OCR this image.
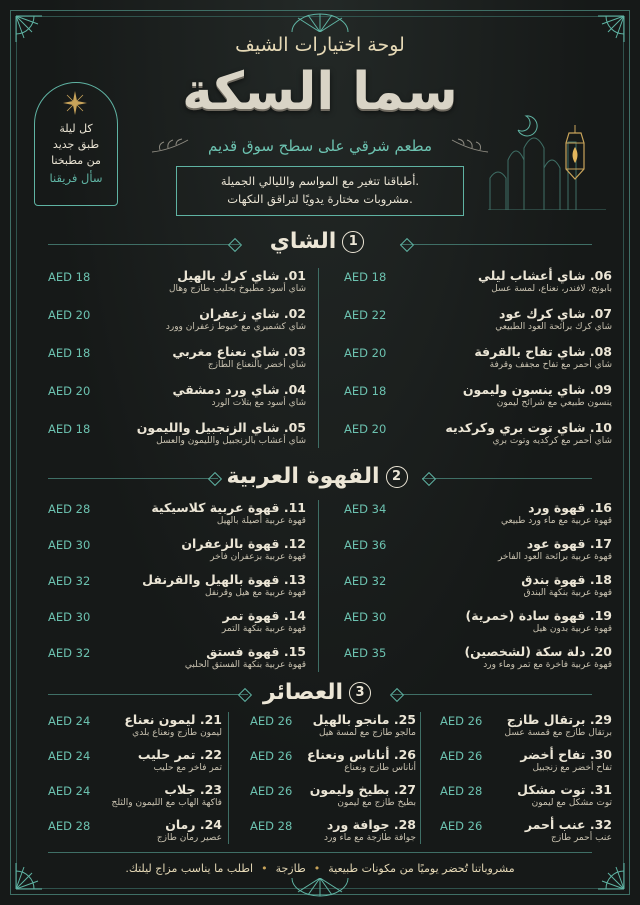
لوحة اختيارات الشيف
سما السكة
مطعم شرقي على سطح سوق قديم
كل ليلة
طبق جديد
من مطبخنا
سأل فريقنا	أطباقنا تتغير مع المواسم والليالي الجميلة.
مشروبات مختارة يدويًا لتراقق النكهات.
الشاي 1
القهوة العربية 2
العصائر 3
مشروباتنا تُحضر يوميًا من مكونات طبيعية•طازجة•اطلب ما يناسب مزاج ليلتك.
06. شاي أعشاب ليلي
بابونج، لافندر، نعناع، لمسة عسل
AED 18
07. شاي كرك عود
شاي كرك برائحة العود الطبيعي
AED 22
08. شاي تفاح بالقرفة
شاي أحمر مع تفاح مجفف وقرفة
AED 20
09. شاي ينسون وليمون
ينسون طبيعي مع شرائح ليمون
AED 18
10. شاي توت بري وكركديه
شاي أحمر مع كركديه وتوت بري
AED 20
01. شاي كرك بالهيل
شاي أسود مطبوخ بحليب طازج وهال
AED 18
02. شاي زعفران
شاي كشميري مع خيوط زعفران وورد
AED 20
03. شاي نعناع مغربي
شاي أخضر بالنعناع الطازج
AED 18
04. شاي ورد دمشقي
شاي أسود مع بتلات الورد
AED 20
05. شاي الزنجبيل والليمون
شاي أعشاب بالزنجبيل والليمون والعسل
AED 18
16. قهوة ورد
قهوة عربية مع ماء ورد طبيعي
AED 34
17. قهوة عود
قهوة عربية برائحة العود الفاخر
AED 36
18. قهوة بندق
قهوة عربية بنكهة البندق
AED 32
19. قهوة سادة (خمرية)
قهوة عربية بدون هيل
AED 30
20. دلة سكة (لشخصين)
قهوة عربية فاخرة مع تمر وماء ورد
AED 35
11. قهوة عربية كلاسيكية
قهوة عربية أصيلة بالهيل
AED 28
12. قهوة بالزعفران
قهوة عربية بزعفران فاخر
AED 30
13. قهوة بالهيل والقرنفل
قهوة عربية مع هيل وقرنفل
AED 32
14. قهوة تمر
قهوة عربية بنكهة التمر
AED 30
15. قهوة فستق
قهوة عربية بنكهة الفستق الحلبي
AED 32
29. برتقال طازج
برتقال طازج مع قمسة عسل
AED 26
30. تفاح أخضر
تفاح أخضر مع زنجبيل
AED 26
31. توت مشكل
توت مشكل مع ليمون
AED 28
32. عنب أحمر
عنب أحمر طازج
AED 26
25. مانجو بالهيل
مالجو طازج مع لمسة هيل
AED 26
26. أناناس ونعناع
أناناس طازج ونعناع
AED 26
27. بطيخ وليمون
بطيخ طازج مع ليمون
AED 26
28. جوافة ورد
جوافة طازجة مع ماء ورد
AED 28
21. ليمون نعناع
ليمون طازج ونعناع بلدي
AED 24
22. تمر حليب
تمر فاخر مع حليب
AED 24
23. جلاب
فاكهة الهاب مع الليمون والثلج
AED 24
24. رمان
عصير رمان طازج
AED 28
